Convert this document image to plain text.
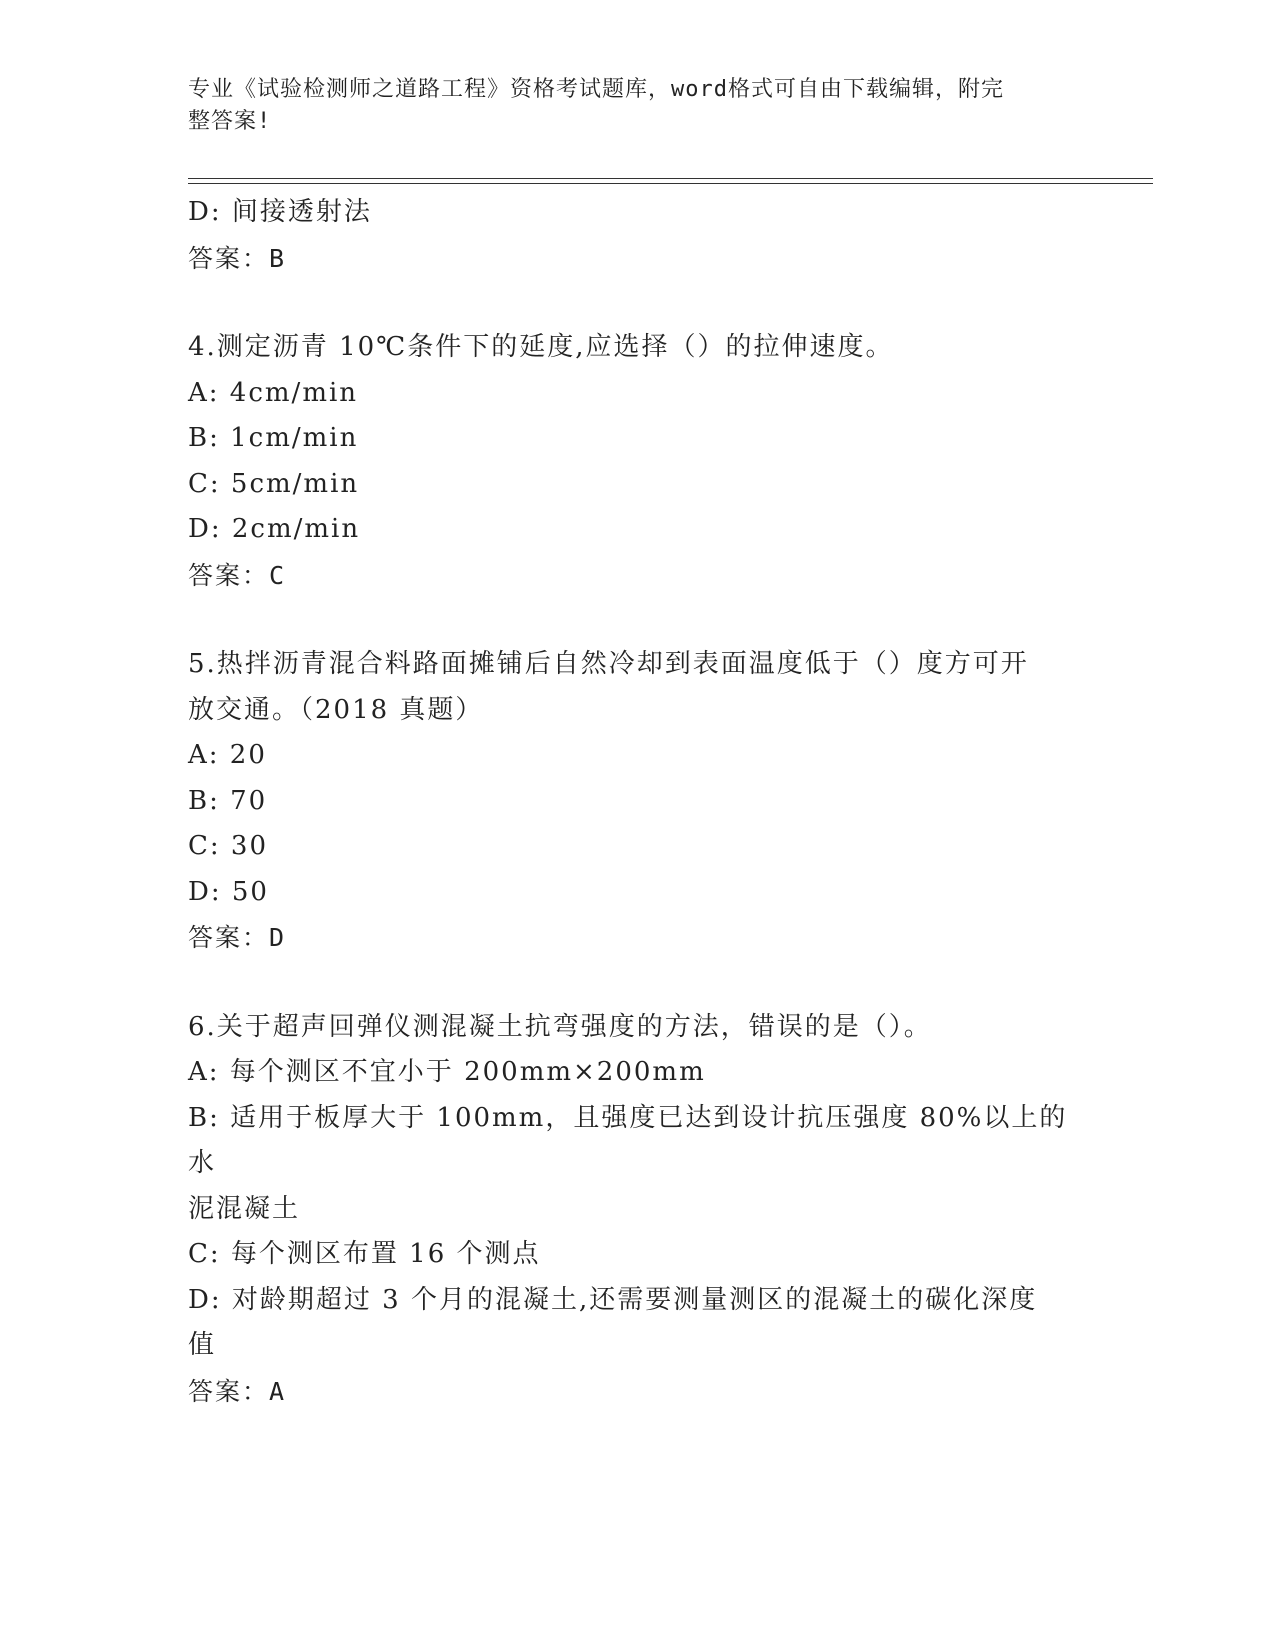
专业《试验检测师之道路工程》资格考试题库，word格式可自由下载编辑，附完
整答案!
D: 间接透射法
答案：B
4.测定沥青 10℃条件下的延度,应选择（）的拉伸速度。
A: 4cm/min
B: 1cm/min
C: 5cm/min
D: 2cm/min
答案：C
5.热拌沥青混合料路面摊铺后自然冷却到表面温度低于（）度方可开
放交通。（2018 真题）
A: 20
B: 70
C: 30
D: 50
答案：D
6.关于超声回弹仪测混凝土抗弯强度的方法，错误的是（）。
A: 每个测区不宜小于 200mm×200mm
B: 适用于板厚大于 100mm，且强度已达到设计抗压强度 80%以上的水
泥混凝土
C: 每个测区布置 16 个测点
D: 对龄期超过 3 个月的混凝土,还需要测量测区的混凝土的碳化深度
值
答案：A
